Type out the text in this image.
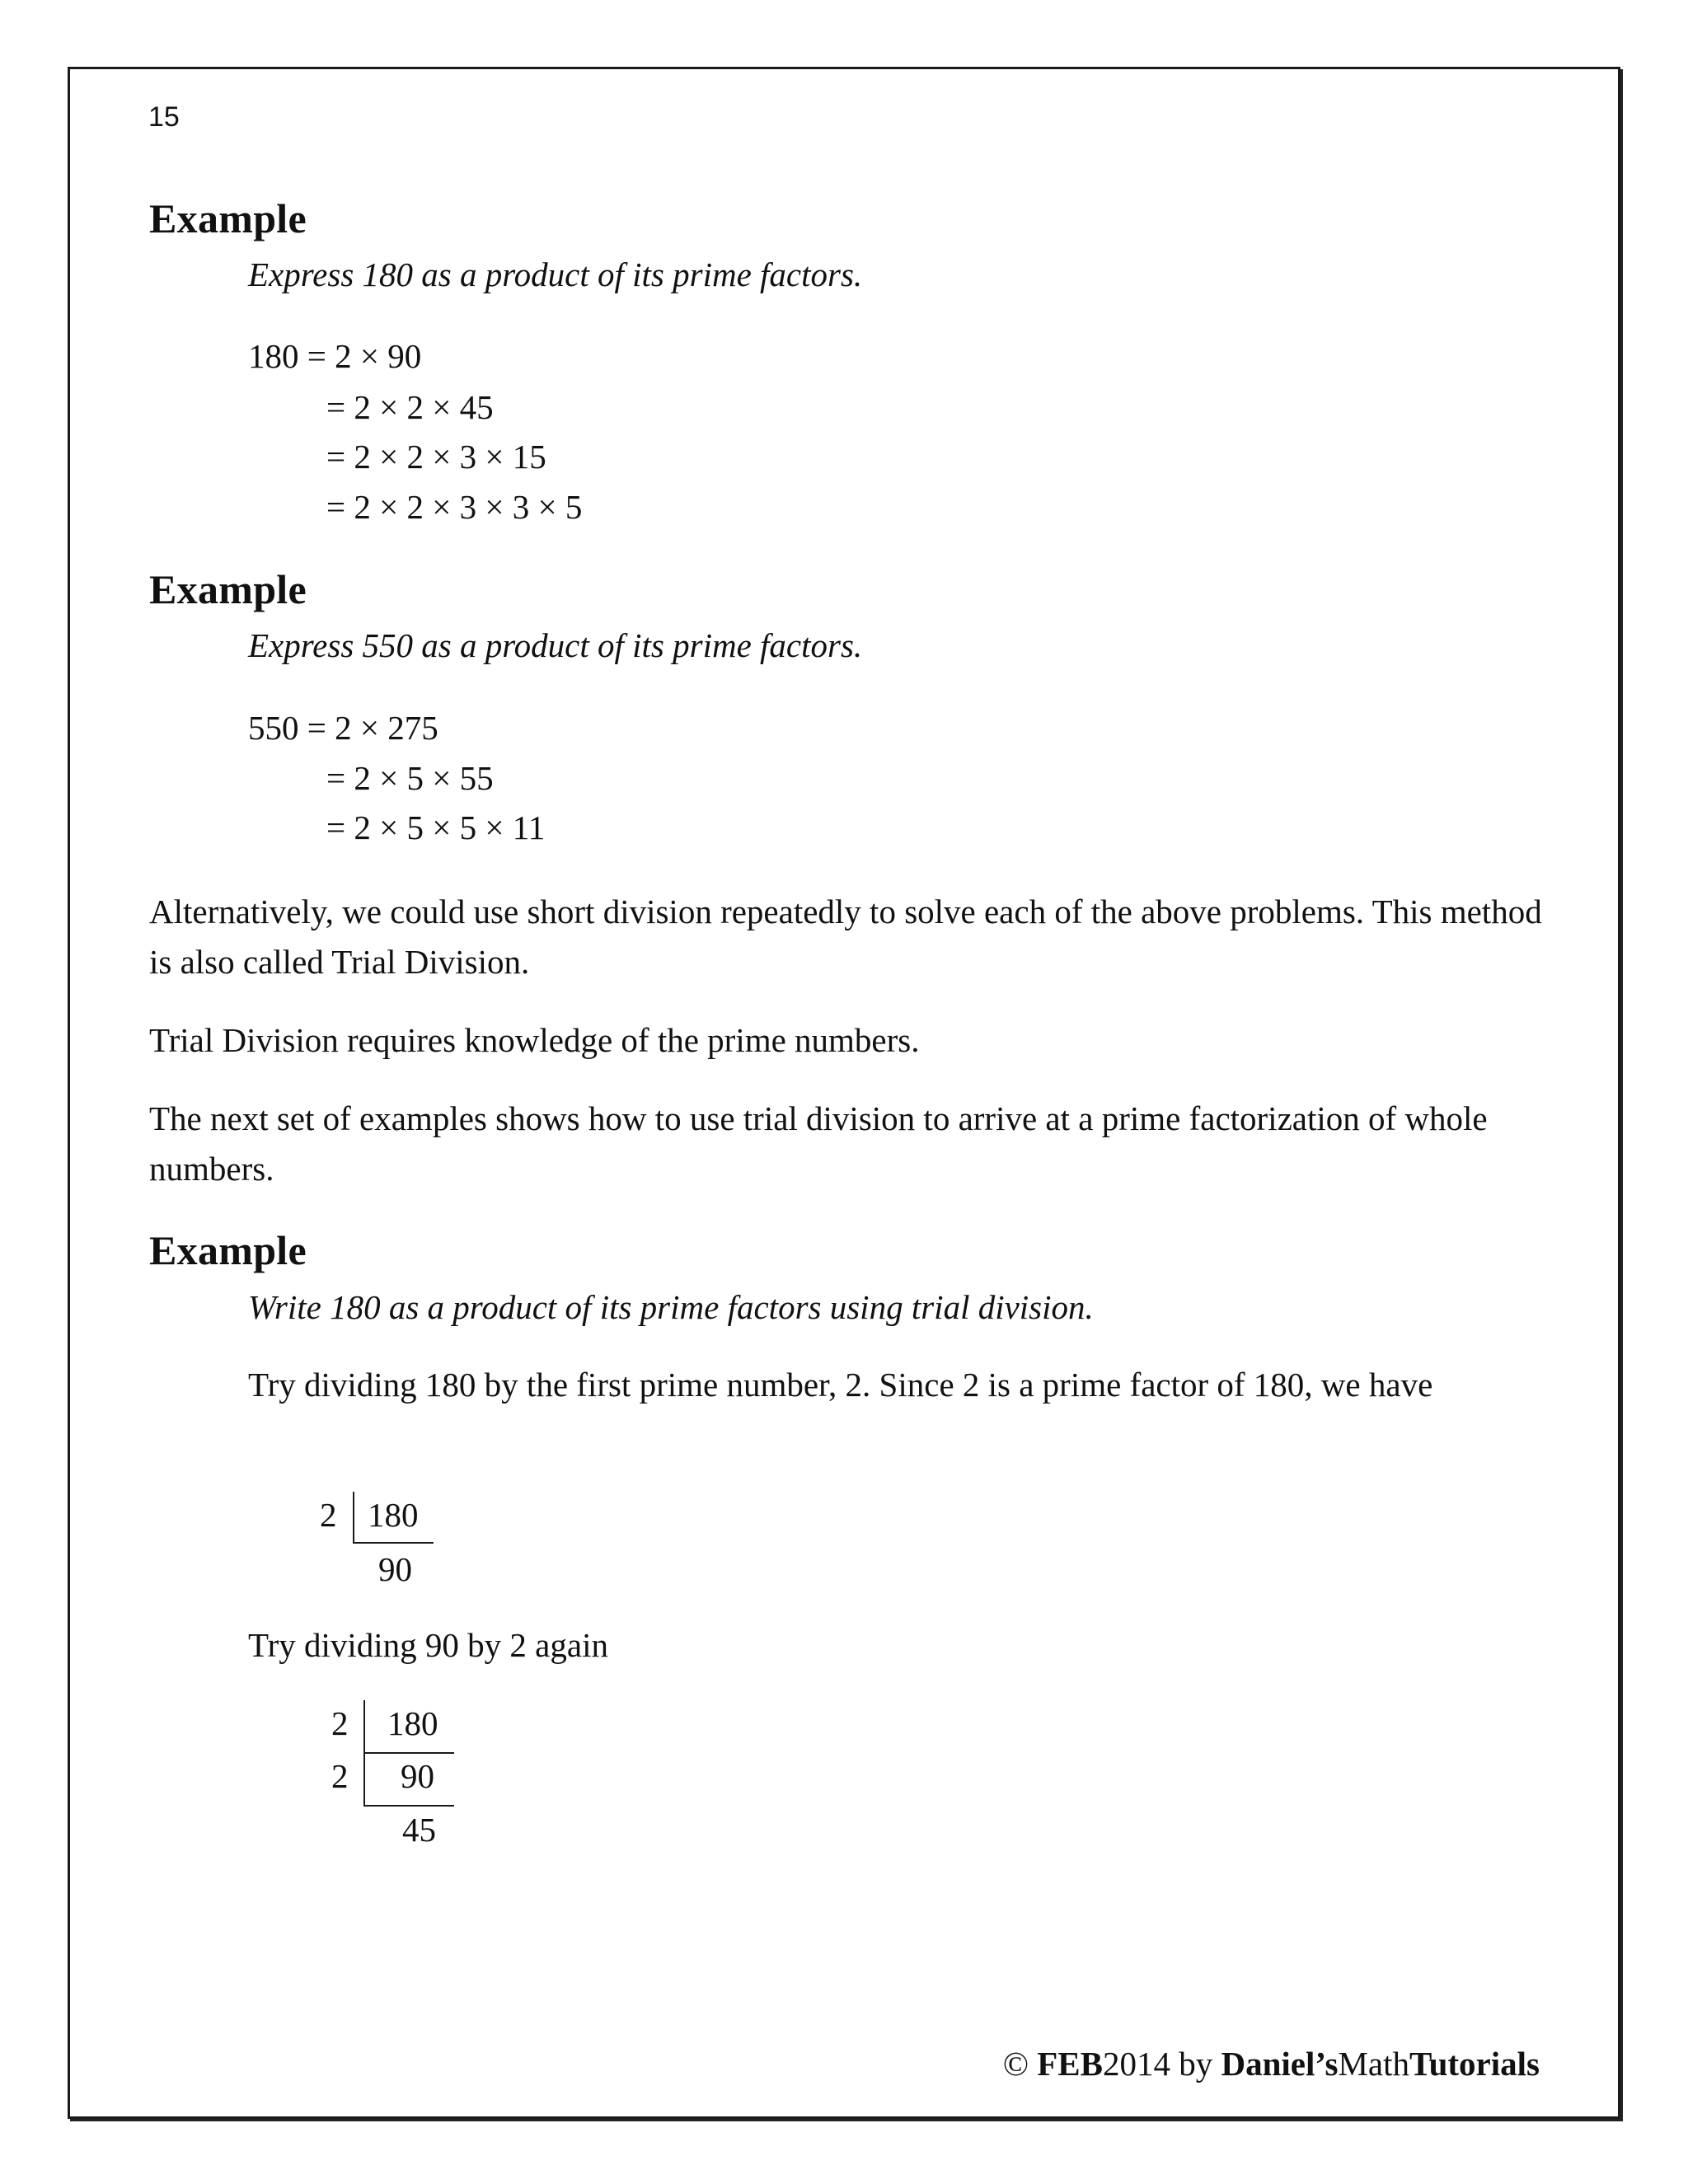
15
Example
Express 180 as a product of its prime factors.
180 = 2 × 90
= 2 × 2 × 45
= 2 × 2 × 3 × 15
= 2 × 2 × 3 × 3 × 5
Example
Express 550 as a product of its prime factors.
550 = 2 × 275
= 2 × 5 × 55
= 2 × 5 × 5 × 11
Alternatively, we could use short division repeatedly to solve each of the above problems. This method is also called Trial Division.
Trial Division requires knowledge of the prime numbers.
The next set of examples shows how to use trial division to arrive at a prime factorization of whole numbers.
Example
Write 180 as a product of its prime factors using trial division.
Try dividing 180 by the first prime number, 2. Since 2 is a prime factor of 180, we have
2 180
90
Try dividing 90 by 2 again
2
2
180
90
45
© FEB2014 by Daniel’sMathTutorials
